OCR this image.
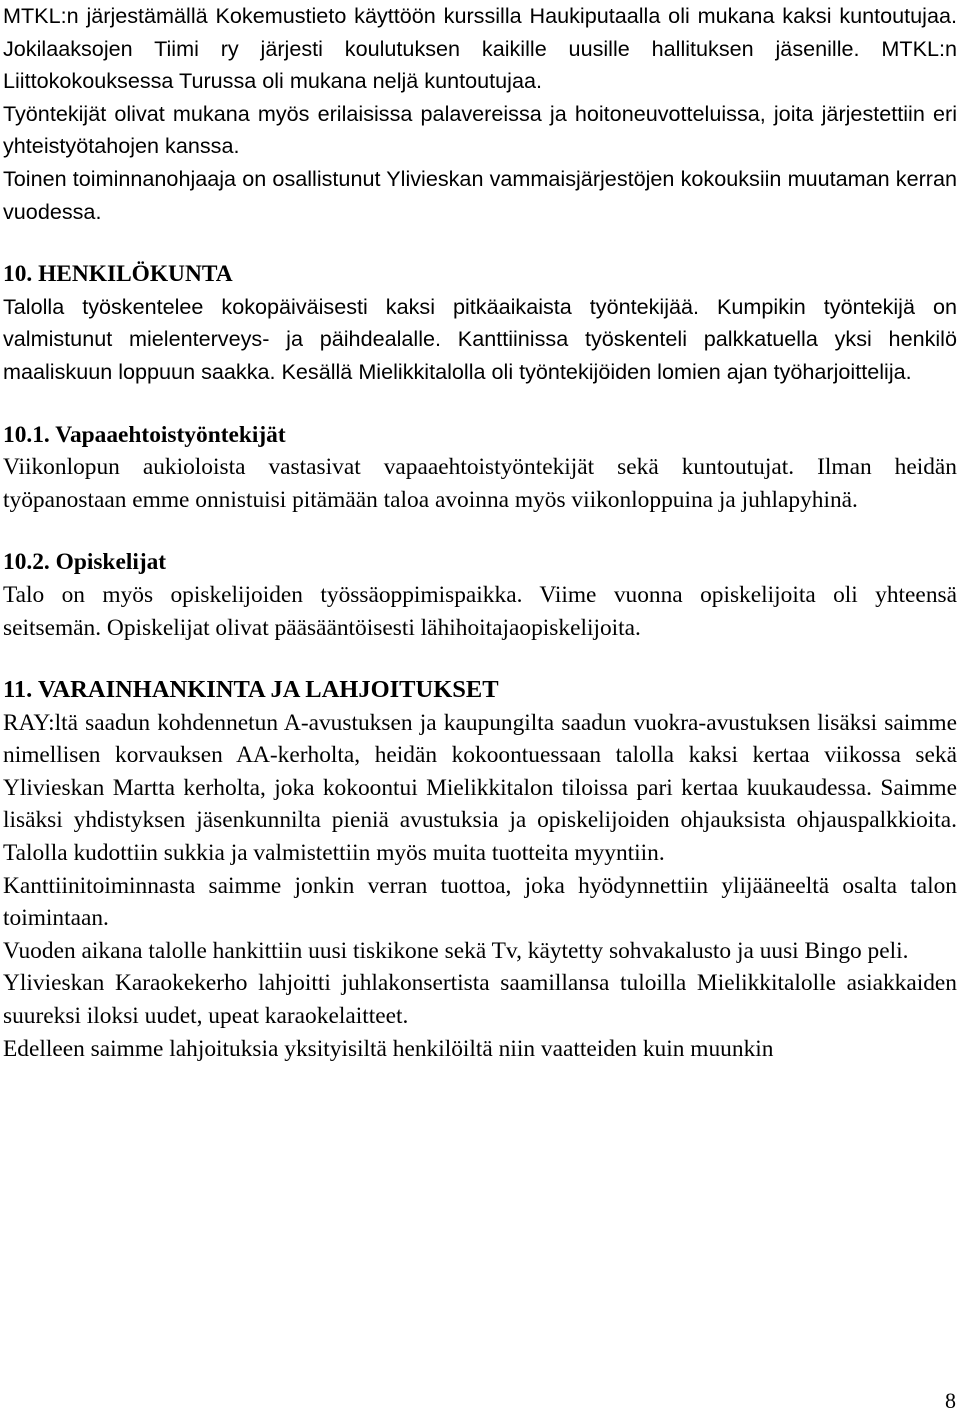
MTKL:n järjestämällä Kokemustieto käyttöön kurssilla Haukiputaalla oli mukana kaksi kuntoutujaa. Jokilaaksojen Tiimi ry järjesti koulutuksen kaikille uusille hallituksen jäsenille. MTKL:n Liittokokouksessa Turussa oli mukana neljä kuntoutujaa.

Työntekijät olivat mukana myös erilaisissa palavereissa ja hoitoneuvotteluissa, joita järjestettiin eri yhteistyötahojen kanssa.

Toinen toiminnanohjaaja on osallistunut Ylivieskan vammaisjärjestöjen kokouksiin muutaman kerran vuodessa.

10. HENKILÖKUNTA

Talolla työskentelee kokopäiväisesti kaksi pitkäaikaista työntekijää. Kumpikin työntekijä on valmistunut mielenterveys- ja päihdealalle. Kanttiinissa työskenteli palkkatuella yksi henkilö maaliskuun loppuun saakka. Kesällä Mielikkitalolla oli työntekijöiden lomien ajan työharjoittelija.

10.1. Vapaaehtoistyöntekijät

Viikonlopun aukioloista vastasivat vapaaehtoistyöntekijät sekä kuntoutujat. Ilman heidän työpanostaan emme onnistuisi pitämään taloa avoinna myös viikonloppuina ja juhlapyhinä.

10.2. Opiskelijat

Talo on myös opiskelijoiden työssäoppimispaikka. Viime vuonna opiskelijoita oli yhteensä seitsemän. Opiskelijat olivat pääsääntöisesti lähihoitajaopiskelijoita.

11. VARAINHANKINTA JA LAHJOITUKSET

RAY:ltä saadun kohdennetun A-avustuksen ja kaupungilta saadun vuokra-avustuksen lisäksi saimme nimellisen korvauksen AA-kerholta, heidän kokoontuessaan talolla kaksi kertaa viikossa sekä Ylivieskan Martta kerholta, joka kokoontui Mielikkitalon tiloissa pari kertaa kuukaudessa. Saimme lisäksi yhdistyksen jäsenkunnilta pieniä avustuksia ja opiskelijoiden ohjauksista ohjauspalkkioita. Talolla kudottiin sukkia ja valmistettiin myös muita tuotteita myyntiin.

Kanttiinitoiminnasta saimme jonkin verran tuottoa, joka hyödynnettiin ylijääneeltä osalta talon toimintaan.

Vuoden aikana talolle hankittiin uusi tiskikone sekä Tv, käytetty sohvakalusto ja uusi Bingo peli.

Ylivieskan Karaokekerho lahjoitti juhlakonsertista saamillansa tuloilla Mielikkitalolle asiakkaiden suureksi iloksi uudet, upeat karaokelaitteet.

Edelleen saimme lahjoituksia yksityisiltä henkilöiltä niin vaatteiden kuin muunkin

8
